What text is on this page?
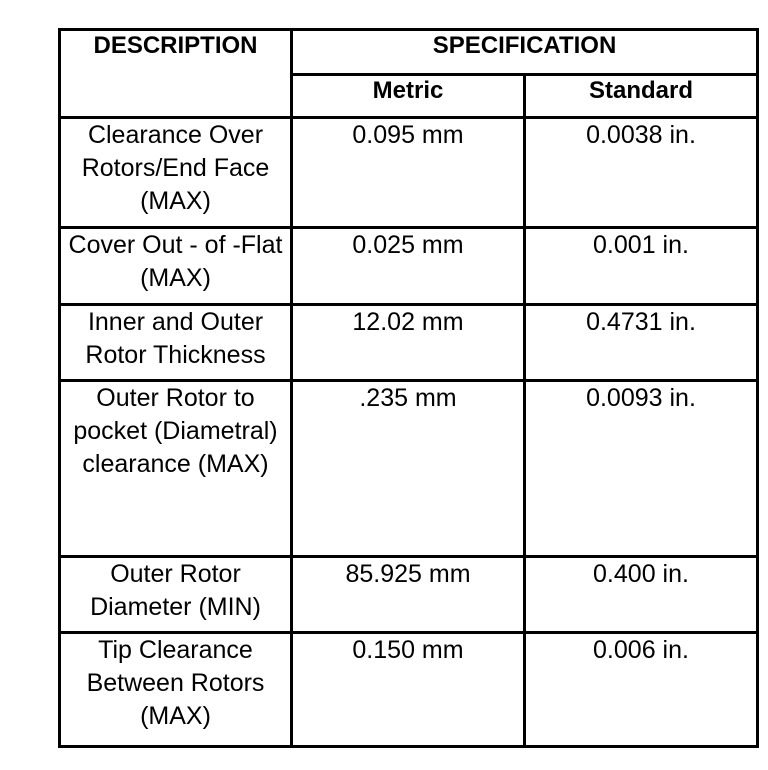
DESCRIPTION	SPECIFICATION	
	Metric	Standard
Clearance Over Rotors/End Face (MAX)	0.095 mm	0.0038 in.
Cover Out - of -Flat (MAX)	0.025 mm	0.001 in.
Inner and Outer Rotor Thickness	12.02 mm	0.4731 in.
Outer Rotor to pocket (Diametral) clearance (MAX)	.235 mm	0.0093 in.
Outer Rotor Diameter (MIN)	85.925 mm	0.400 in.
Tip Clearance Between Rotors (MAX)	0.150 mm	0.006 in.
